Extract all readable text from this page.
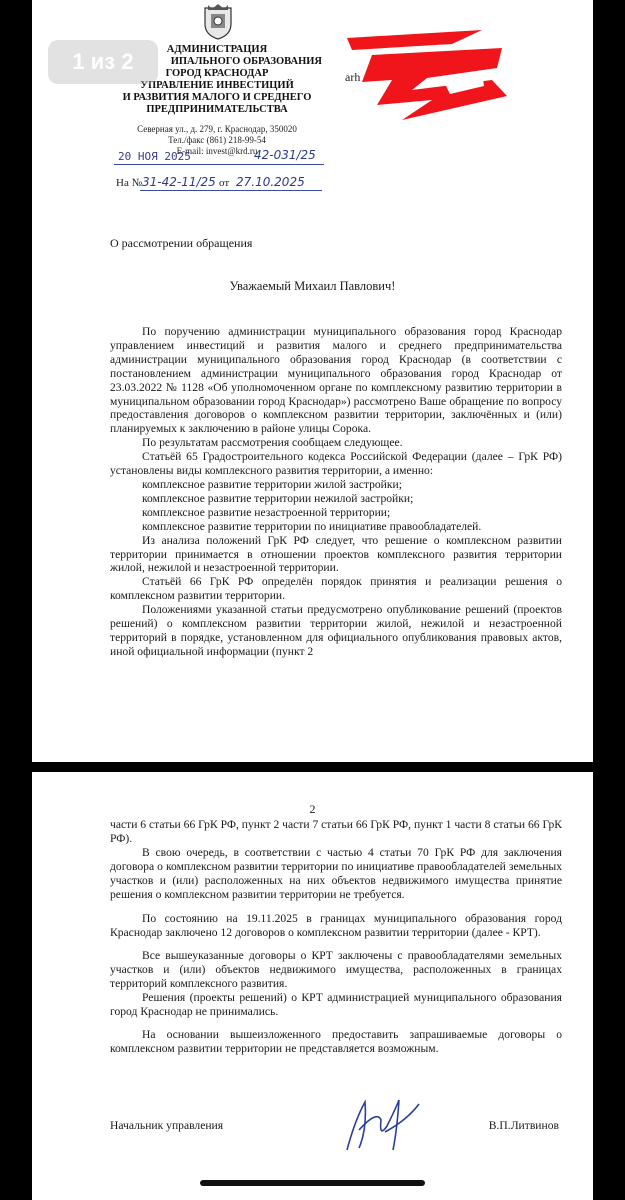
1 из 2	АДМИНИСТРАЦИЯ
ИПАЛЬНОГО ОБРАЗОВАНИЯ
ГОРОД КРАСНОДАР
УПРАВЛЕНИЕ ИНВЕСТИЦИЙ
И РАЗВИТИЯ МАЛОГО И СРЕДНЕГО
ПРЕДПРИНИМАТЕЛЬСТВА
Северная ул., д. 279, г. Краснодар, 350020
Тел./факс (861) 218-99-54
E-mail: invest@krd.ru
20 НОЯ 2025	42-031/25
На № 31-42-11/25 от 27.10.2025
arh
О рассмотрении обращения
Уважаемый Михаил Павлович!

По поручению администрации муниципального образования город Краснодар управлением инвестиций и развития малого и среднего предпринимательства администрации муниципального образования город Краснодар (в соответствии с постановлением администрации муниципального образования город Краснодар от 23.03.2022 № 1128 «Об уполномоченном органе по комплексному развитию территории в муниципальном образовании город Краснодар») рассмотрено Ваше обращение по вопросу предоставления договоров о комплексном развитии территории, заключённых и (или) планируемых к заключению в районе улицы Сорока.

По результатам рассмотрения сообщаем следующее.

Статьёй 65 Градостроительного кодекса Российской Федерации (далее – ГрК РФ) установлены виды комплексного развития территории, а именно:

комплексное развитие территории жилой застройки;

комплексное развитие территории нежилой застройки;

комплексное развитие незастроенной территории;

комплексное развитие территории по инициативе правообладателей.

Из анализа положений ГрК РФ следует, что решение о комплексном развитии территории принимается в отношении проектов комплексного развития территории жилой, нежилой и незастроенной территории.

Статьёй 66 ГрК РФ определён порядок принятия и реализации решения о комплексном развитии территории.

Положениями указанной статьи предусмотрено опубликование решений (проектов решений) о комплексном развитии территории жилой, нежилой и незастроенной территорий в порядке, установленном для официального опубликования правовых актов, иной официальной информации (пункт 2

2

части 6 статьи 66 ГрК РФ, пункт 2 части 7 статьи 66 ГрК РФ, пункт 1 части 8 статьи 66 ГрК РФ).

В свою очередь, в соответствии с частью 4 статьи 70 ГрК РФ для заключения договора о комплексном развитии территории по инициативе правообладателей земельных участков и (или) расположенных на них объектов недвижимого имущества принятие решения о комплексном развитии территории не требуется.

По состоянию на 19.11.2025 в границах муниципального образования город Краснодар заключено 12 договоров о комплексном развитии территории (далее - КРТ).

Все вышеуказанные договоры о КРТ заключены с правообладателями земельных участков и (или) объектов недвижимого имущества, расположенных в границах территорий комплексного развития.

Решения (проекты решений) о КРТ администрацией муниципального образования город Краснодар не принимались.

На основании вышеизложенного предоставить запрашиваемые договоры о комплексном развитии территории не представляется возможным.

Начальник управления	В.П.Литвинов
